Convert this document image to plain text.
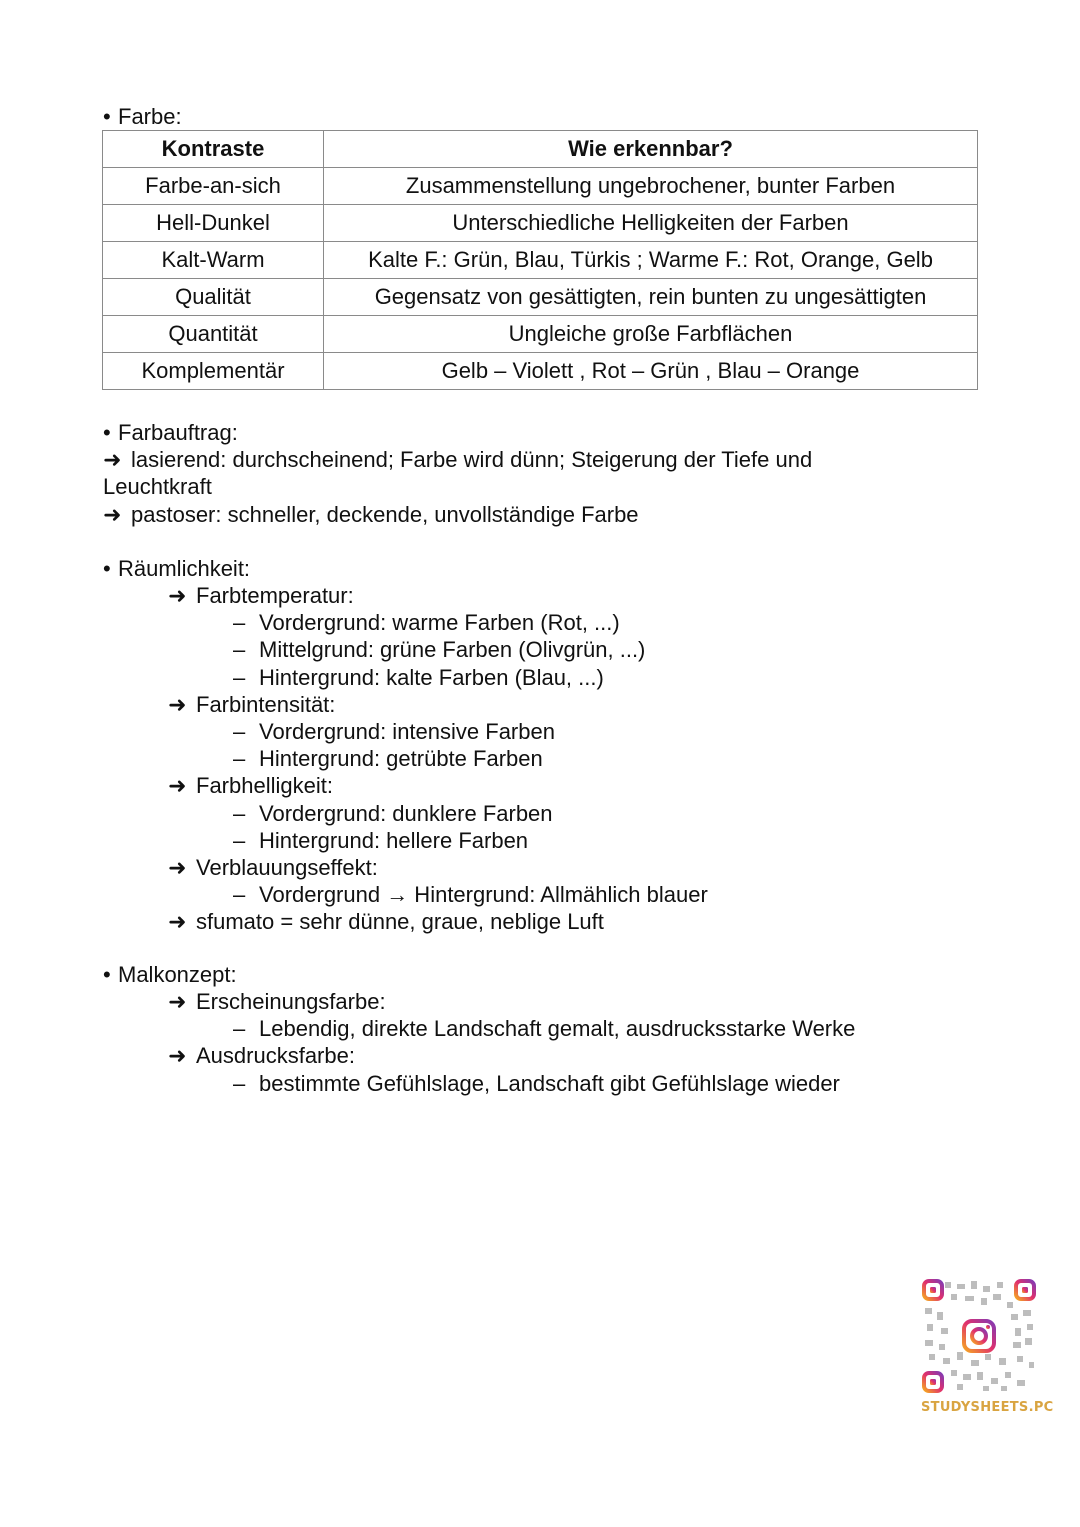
• Farbe:
Kontraste	Wie erkennbar?
Farbe-an-sich	Zusammenstellung ungebrochener, bunter Farben
Hell-Dunkel	Unterschiedliche Helligkeiten der Farben
Kalt-Warm	Kalte F.: Grün, Blau, Türkis ; Warme F.: Rot, Orange, Gelb
Qualität	Gegensatz von gesättigten, rein bunten zu ungesättigten
Quantität	Ungleiche große Farbflächen
Komplementär	Gelb – Violett , Rot – Grün , Blau – Orange
• Farbauftrag:
➜ lasierend: durchscheinend; Farbe wird dünn; Steigerung der Tiefe und
Leuchtkraft
➜ pastoser: schneller, deckende, unvollständige Farbe
• Räumlichkeit:
➜ Farbtemperatur:
– Vordergrund: warme Farben (Rot, ...)
– Mittelgrund: grüne Farben (Olivgrün, ...)
– Hintergrund: kalte Farben (Blau, ...)
➜ Farbintensität:
– Vordergrund: intensive Farben
– Hintergrund: getrübte Farben
➜ Farbhelligkeit:
– Vordergrund: dunklere Farben
– Hintergrund: hellere Farben
➜ Verblauungseffekt:
– Vordergrund → Hintergrund: Allmählich blauer
➜ sfumato = sehr dünne, graue, neblige Luft
• Malkonzept:
➜ Erscheinungsfarbe:
– Lebendig, direkte Landschaft gemalt, ausdrucksstarke Werke
➜ Ausdrucksfarbe:
– bestimmte Gefühlslage, Landschaft gibt Gefühlslage wieder
STUDYSHEETS.PC
